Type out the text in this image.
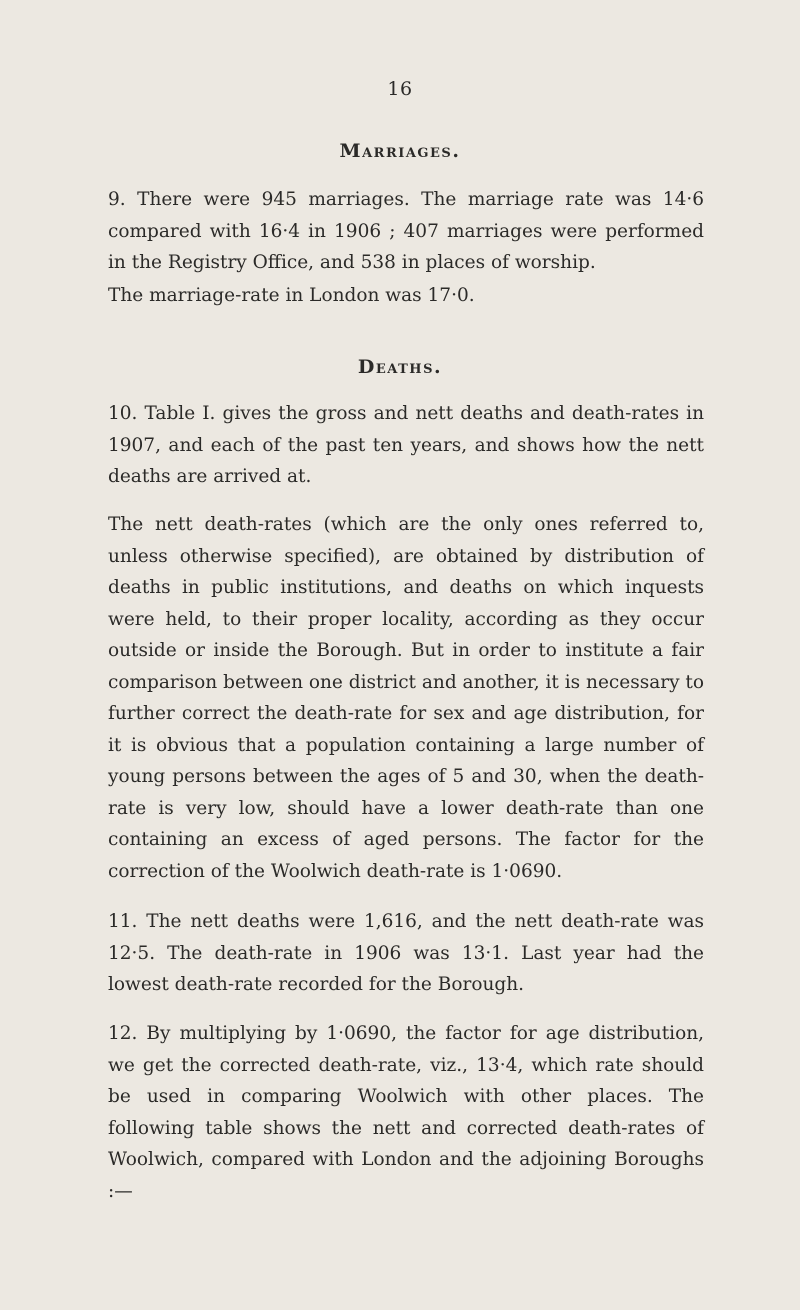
16
Marriages.

9. There were 945 marriages. The marriage rate was 14·6 compared with 16·4 in 1906 ; 407 marriages were performed in the Registry Office, and 538 in places of worship.

The marriage-rate in London was 17·0.

Deaths.

10. Table I. gives the gross and nett deaths and death-rates in 1907, and each of the past ten years, and shows how the nett deaths are arrived at.

The nett death-rates (which are the only ones referred to, unless otherwise specified), are obtained by distribution of deaths in public institutions, and deaths on which inquests were held, to their proper locality, according as they occur outside or inside the Borough. But in order to institute a fair comparison between one district and another, it is necessary to further correct the death-rate for sex and age distribution, for it is obvious that a population containing a large number of young persons between the ages of 5 and 30, when the death-rate is very low, should have a lower death-rate than one containing an excess of aged persons. The factor for the correction of the Woolwich death-rate is 1·0690.

11. The nett deaths were 1,616, and the nett death-rate was 12·5. The death-rate in 1906 was 13·1. Last year had the lowest death-rate recorded for the Borough.

12. By multiplying by 1·0690, the factor for age distribution, we get the corrected death-rate, viz., 13·4, which rate should be used in comparing Woolwich with other places. The following table shows the nett and corrected death-rates of Woolwich, compared with London and the adjoining Boroughs :—
